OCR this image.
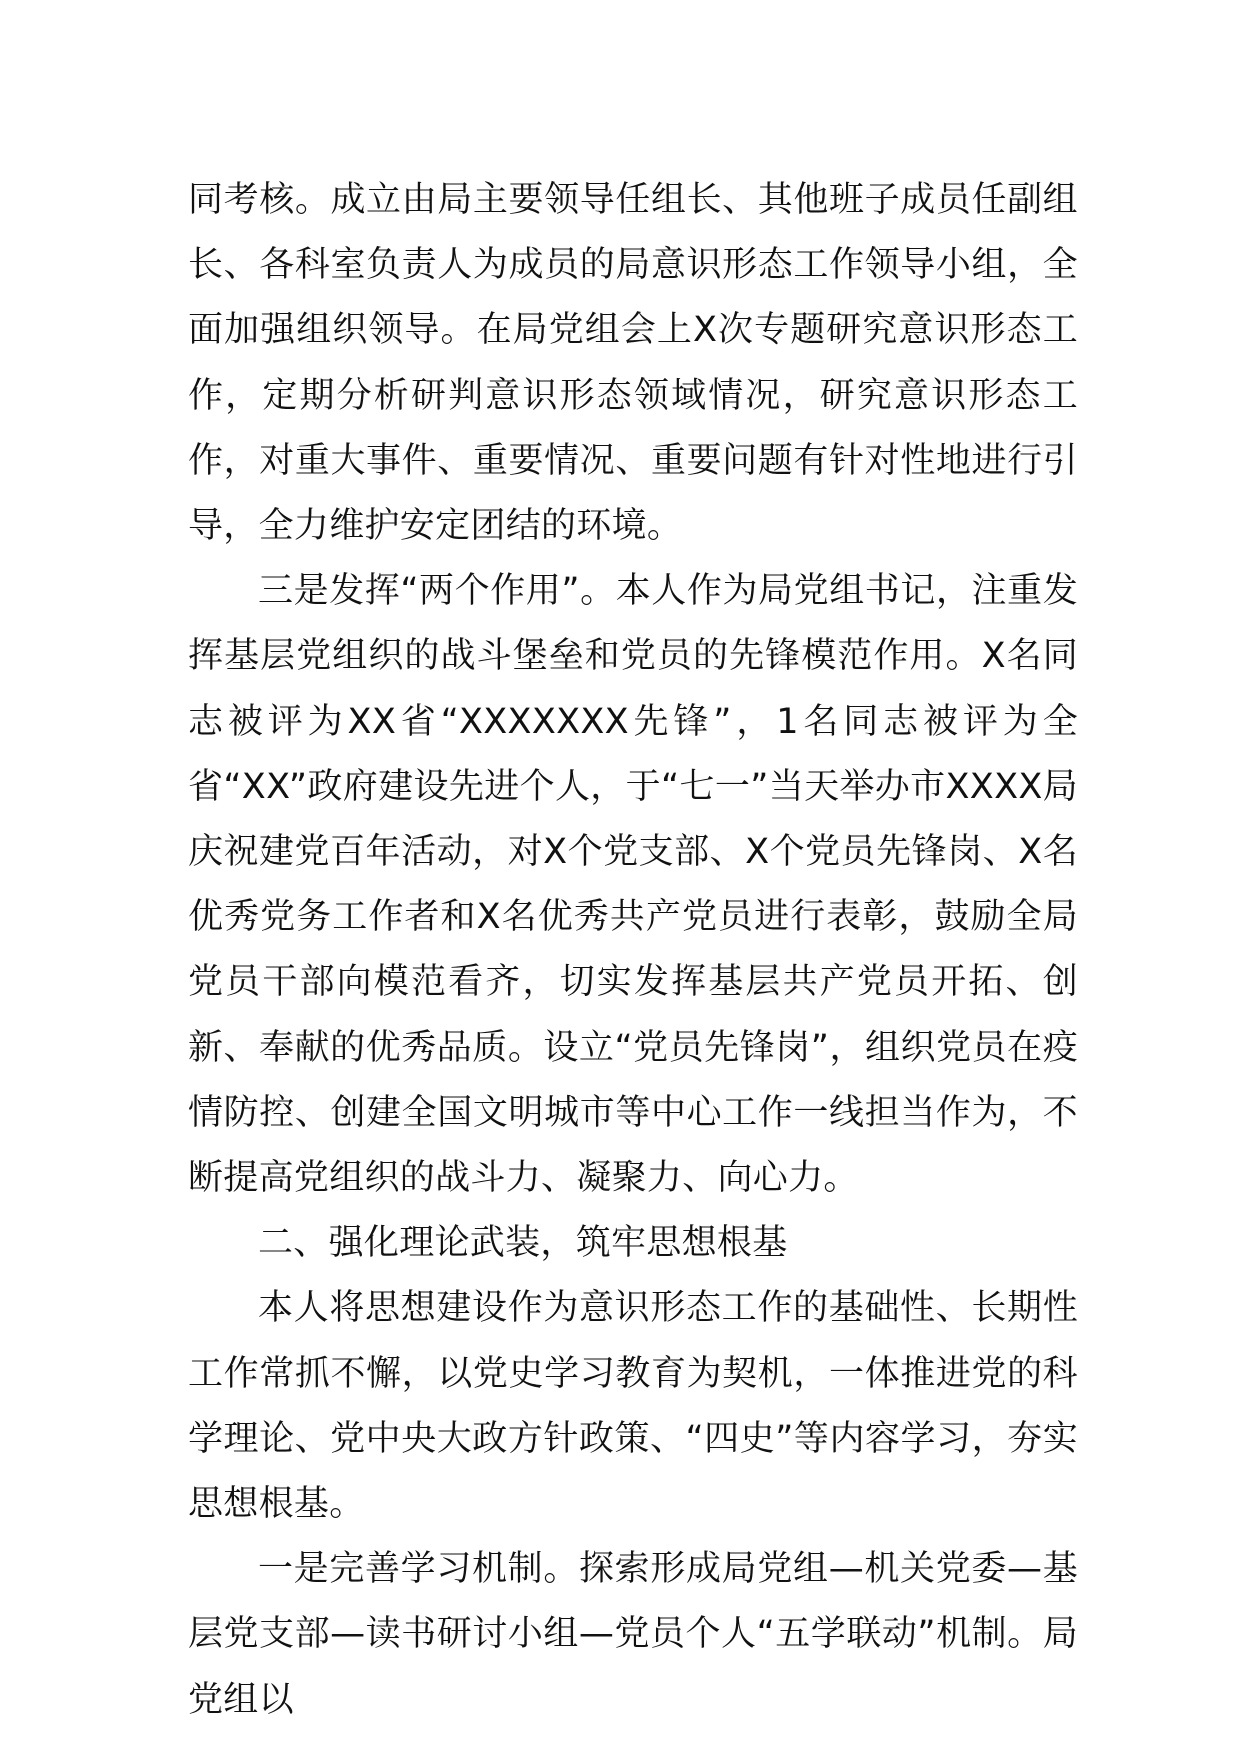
同考核。成立由局主要领导任组长、其他班子成员任副组长、各科室负责人为成员的局意识形态工作领导小组，全面加强组织领导。在局党组会上X次专题研究意识形态工作，定期分析研判意识形态领域情况，研究意识形态工作，对重大事件、重要情况、重要问题有针对性地进行引导，全力维护安定团结的环境。

三是发挥“两个作用”。本人作为局党组书记，注重发挥基层党组织的战斗堡垒和党员的先锋模范作用。X名同志被评为XX省“XXXXXXX先锋”，1名同志被评为全省“XX”政府建设先进个人，于“七一”当天举办市XXXX局庆祝建党百年活动，对X个党支部、X个党员先锋岗、X名优秀党务工作者和X名优秀共产党员进行表彰，鼓励全局党员干部向模范看齐，切实发挥基层共产党员开拓、创新、奉献的优秀品质。设立“党员先锋岗”，组织党员在疫情防控、创建全国文明城市等中心工作一线担当作为，不断提高党组织的战斗力、凝聚力、向心力。

二、强化理论武装，筑牢思想根基

本人将思想建设作为意识形态工作的基础性、长期性工作常抓不懈，以党史学习教育为契机，一体推进党的科学理论、党中央大政方针政策、“四史”等内容学习，夯实思想根基。

一是完善学习机制。探索形成局党组—机关党委—基层党支部—读书研讨小组—党员个人“五学联动”机制。局党组以
